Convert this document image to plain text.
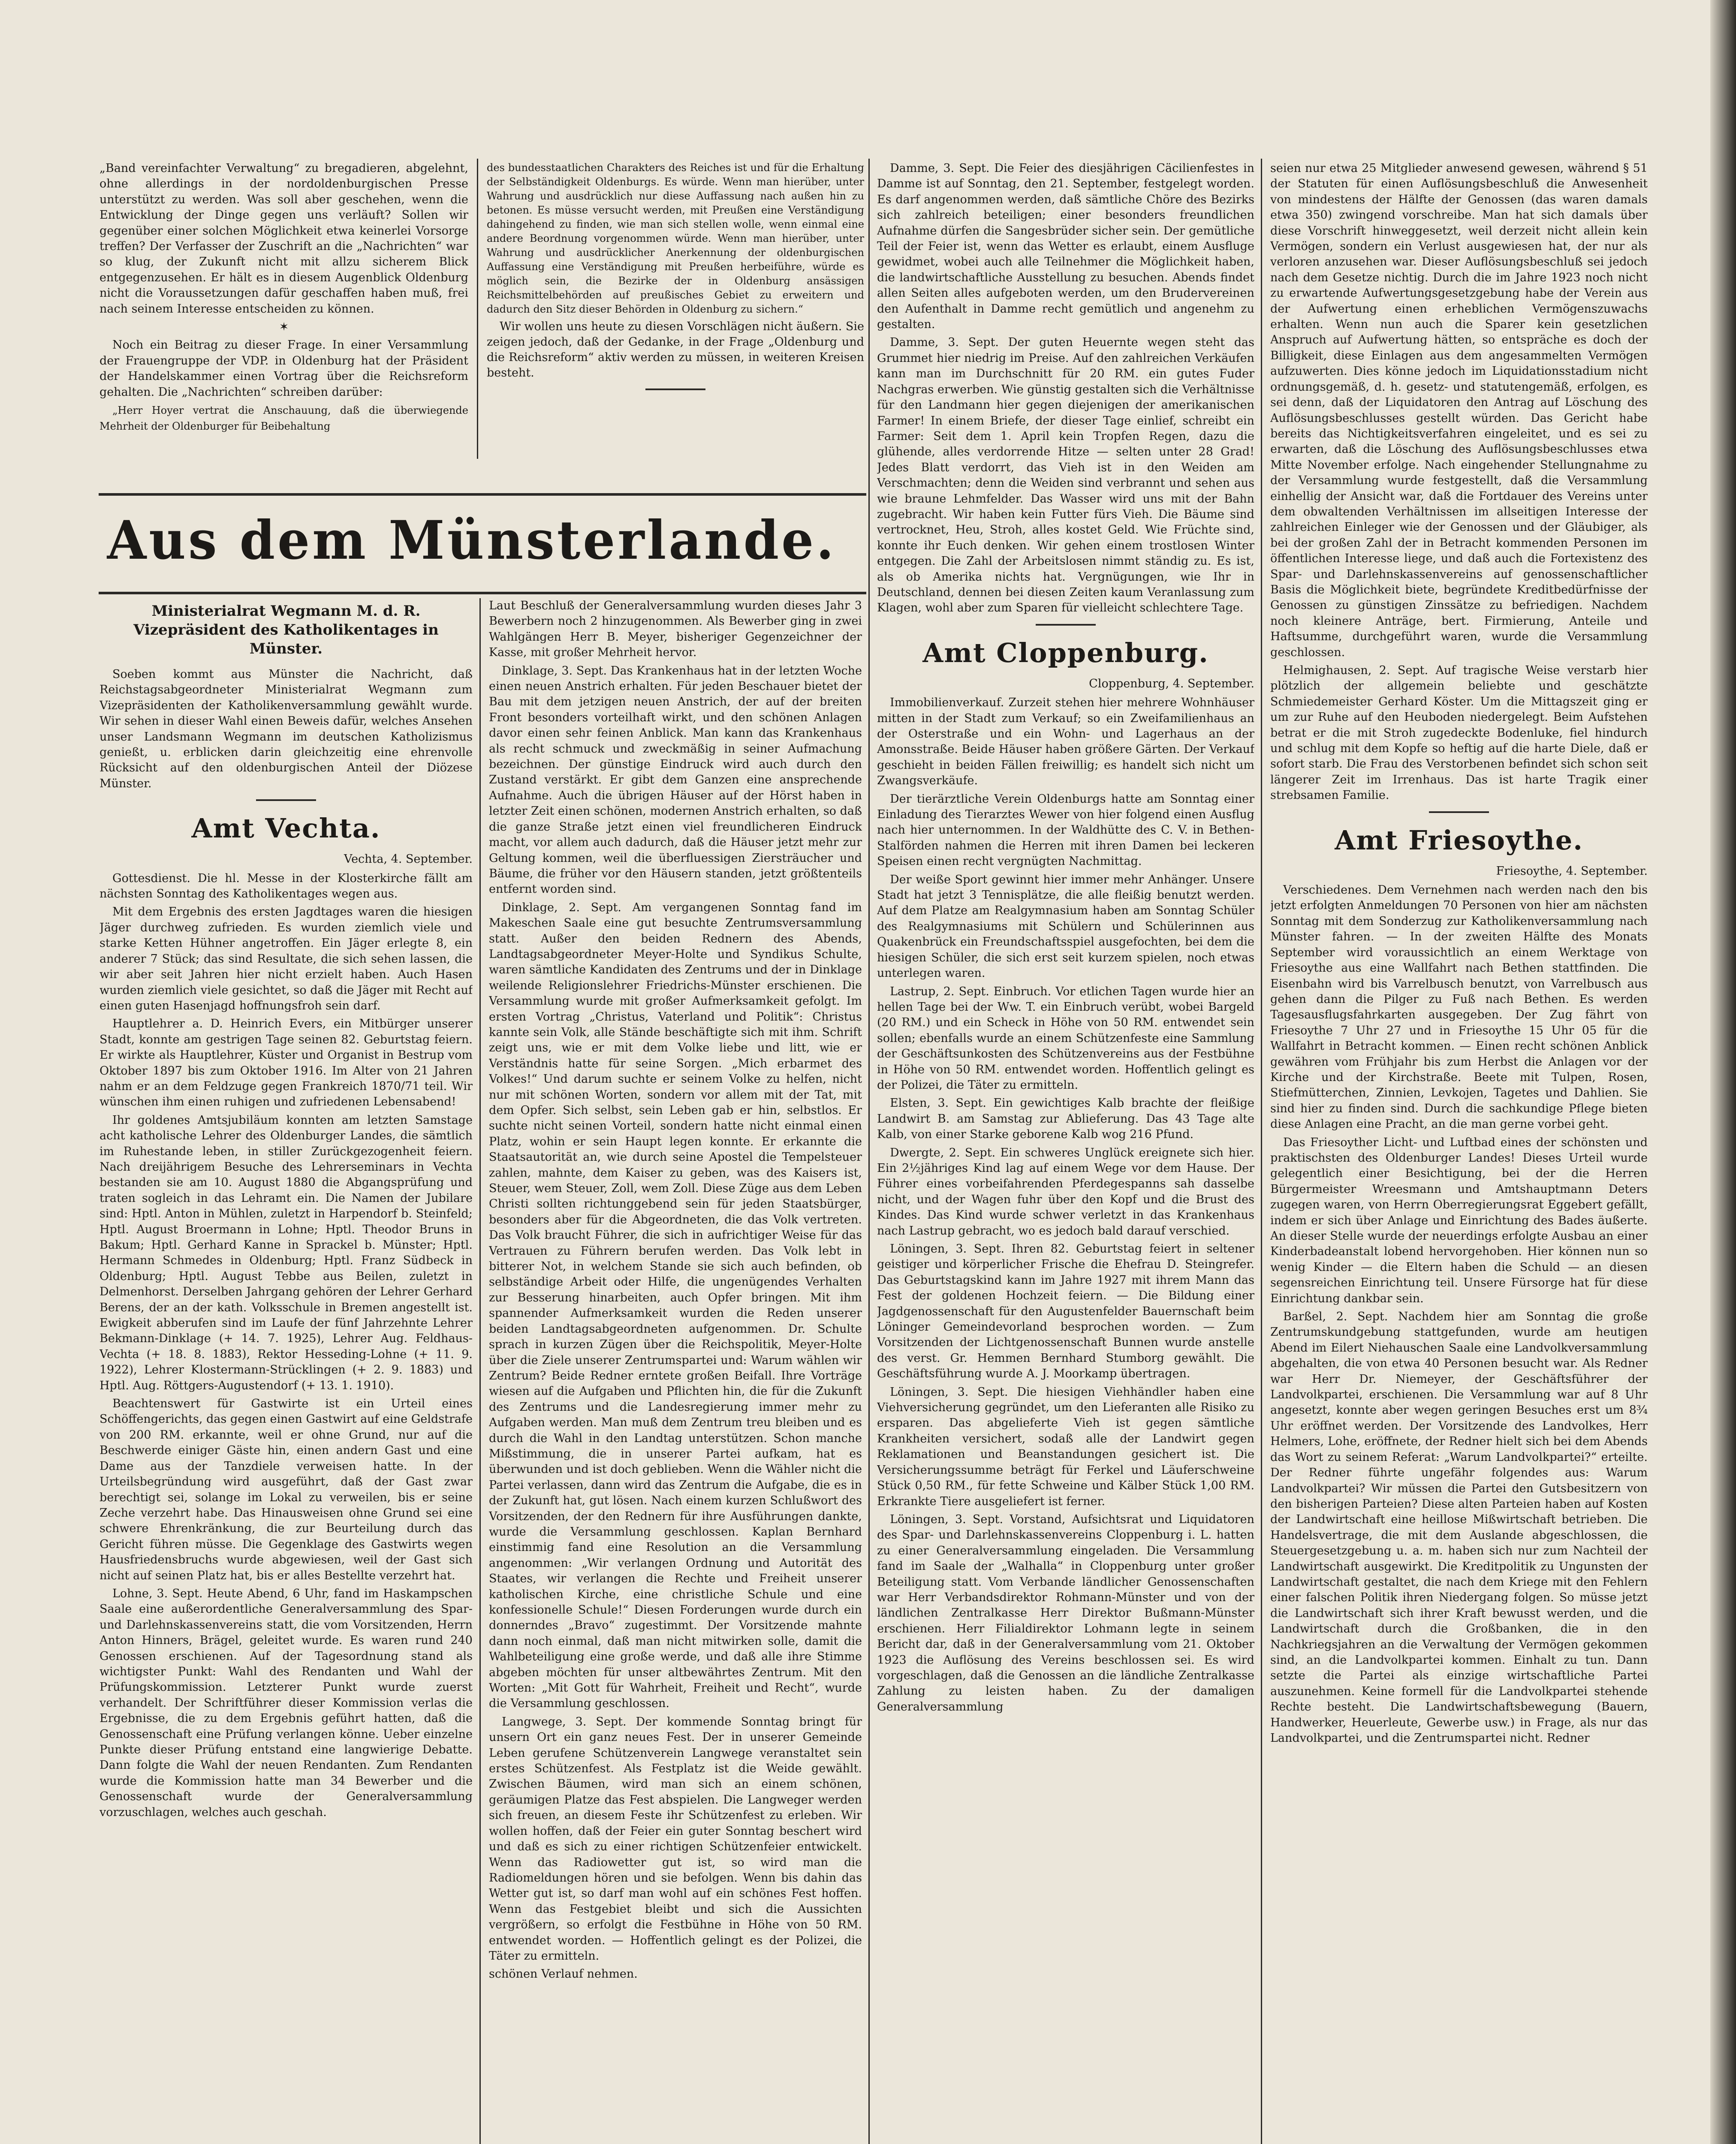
„Band vereinfachter Verwaltung“ zu bregadieren, abgelehnt, ohne allerdings in der nordoldenburgischen Presse unterstützt zu werden. Was soll aber geschehen, wenn die Entwicklung der Dinge gegen uns verläuft? Sollen wir gegenüber einer solchen Möglichkeit etwa keinerlei Vorsorge treffen? Der Verfasser der Zuschrift an die „Nachrichten“ war so klug, der Zukunft nicht mit allzu sicherem Blick entgegenzusehen. Er hält es in diesem Augenblick Oldenburg nicht die Voraussetzungen dafür geschaffen haben muß, frei nach seinem Interesse entscheiden zu können.

✶

Noch ein Beitrag zu dieser Frage. In einer Versammlung der Frauengruppe der VDP. in Oldenburg hat der Präsident der Handelskammer einen Vortrag über die Reichsreform gehalten. Die „Nachrichten“ schreiben darüber:

„Herr Hoyer vertrat die Anschauung, daß die überwiegende Mehrheit der Oldenburger für Beibehaltung

des bundesstaatlichen Charakters des Reiches ist und für die Erhaltung der Selbständigkeit Oldenburgs. Es würde. Wenn man hierüber, unter Wahrung und ausdrücklich nur diese Auffassung nach außen hin zu betonen. Es müsse versucht werden, mit Preußen eine Verständigung dahingehend zu finden, wie man sich stellen wolle, wenn einmal eine andere Beordnung vorgenommen würde. Wenn man hierüber, unter Wahrung und ausdrücklicher Anerkennung der oldenburgischen Auffassung eine Verständigung mit Preußen herbeiführe, würde es möglich sein, die Bezirke der in Oldenburg ansässigen Reichsmittelbehörden auf preußisches Gebiet zu erweitern und dadurch den Sitz dieser Behörden in Oldenburg zu sichern.“

Wir wollen uns heute zu diesen Vorschlägen nicht äußern. Sie zeigen jedoch, daß der Gedanke, in der Frage „Oldenburg und die Reichsreform“ aktiv werden zu müssen, in weiteren Kreisen besteht.

Aus dem Münsterlande.
Ministerialrat Wegmann M. d. R. Vizepräsident des Katholikentages in Münster.

Soeben kommt aus Münster die Nachricht, daß Reichstagsabgeordneter Ministerialrat Wegmann zum Vizepräsidenten der Katholikenversammlung gewählt wurde. Wir sehen in dieser Wahl einen Beweis dafür, welches Ansehen unser Landsmann Wegmann im deutschen Katholizismus genießt, u. erblicken darin gleichzeitig eine ehrenvolle Rücksicht auf den oldenburgischen Anteil der Diözese Münster.

Amt Vechta.
Vechta, 4. September.

Gottesdienst. Die hl. Messe in der Klosterkirche fällt am nächsten Sonntag des Katholikentages wegen aus.

Mit dem Ergebnis des ersten Jagdtages waren die hiesigen Jäger durchweg zufrieden. Es wurden ziemlich viele und starke Ketten Hühner angetroffen. Ein Jäger erlegte 8, ein anderer 7 Stück; das sind Resultate, die sich sehen lassen, die wir aber seit Jahren hier nicht erzielt haben. Auch Hasen wurden ziemlich viele gesichtet, so daß die Jäger mit Recht auf einen guten Hasenjagd hoffnungsfroh sein darf.

Hauptlehrer a. D. Heinrich Evers, ein Mitbürger unserer Stadt, konnte am gestrigen Tage seinen 82. Geburtstag feiern. Er wirkte als Hauptlehrer, Küster und Organist in Bestrup vom Oktober 1897 bis zum Oktober 1916. Im Alter von 21 Jahren nahm er an dem Feldzuge gegen Frankreich 1870/71 teil. Wir wünschen ihm einen ruhigen und zufriedenen Lebensabend!

Ihr goldenes Amtsjubiläum konnten am letzten Samstage acht katholische Lehrer des Oldenburger Landes, die sämtlich im Ruhestande leben, in stiller Zurückgezogenheit feiern. Nach dreijährigem Besuche des Lehrerseminars in Vechta bestanden sie am 10. August 1880 die Abgangsprüfung und traten sogleich in das Lehramt ein. Die Namen der Jubilare sind: Hptl. Anton in Mühlen, zuletzt in Harpendorf b. Steinfeld; Hptl. August Broermann in Lohne; Hptl. Theodor Bruns in Bakum; Hptl. Gerhard Kanne in Sprackel b. Münster; Hptl. Hermann Schmedes in Oldenburg; Hptl. Franz Südbeck in Oldenburg; Hptl. August Tebbe aus Beilen, zuletzt in Delmenhorst. Derselben Jahrgang gehören der Lehrer Gerhard Berens, der an der kath. Volksschule in Bremen angestellt ist. Ewigkeit abberufen sind im Laufe der fünf Jahrzehnte Lehrer Bekmann-Dinklage (+ 14. 7. 1925), Lehrer Aug. Feldhaus-Vechta (+ 18. 8. 1883), Rektor Hesseding-Lohne (+ 11. 9. 1922), Lehrer Klostermann-Strücklingen (+ 2. 9. 1883) und Hptl. Aug. Röttgers-Augustendorf (+ 13. 1. 1910).

Beachtenswert für Gastwirte ist ein Urteil eines Schöffengerichts, das gegen einen Gastwirt auf eine Geldstrafe von 200 RM. erkannte, weil er ohne Grund, nur auf die Beschwerde einiger Gäste hin, einen andern Gast und eine Dame aus der Tanzdiele verweisen hatte. In der Urteilsbegründung wird ausgeführt, daß der Gast zwar berechtigt sei, solange im Lokal zu verweilen, bis er seine Zeche verzehrt habe. Das Hinausweisen ohne Grund sei eine schwere Ehrenkränkung, die zur Beurteilung durch das Gericht führen müsse. Die Gegenklage des Gastwirts wegen Hausfriedensbruchs wurde abgewiesen, weil der Gast sich nicht auf seinen Platz hat, bis er alles Bestellte verzehrt hat.

Lohne, 3. Sept. Heute Abend, 6 Uhr, fand im Haskampschen Saale eine außerordentliche Generalversammlung des Spar- und Darlehnskassenvereins statt, die vom Vorsitzenden, Herrn Anton Hinners, Brägel, geleitet wurde. Es waren rund 240 Genossen erschienen. Auf der Tagesordnung stand als wichtigster Punkt: Wahl des Rendanten und Wahl der Prüfungskommission. Letzterer Punkt wurde zuerst verhandelt. Der Schriftführer dieser Kommission verlas die Ergebnisse, die zu dem Ergebnis geführt hatten, daß die Genossenschaft eine Prüfung verlangen könne. Ueber einzelne Punkte dieser Prüfung entstand eine langwierige Debatte. Dann folgte die Wahl der neuen Rendanten. Zum Rendanten wurde die Kommission hatte man 34 Bewerber und die Genossenschaft wurde der Generalversammlung vorzuschlagen, welches auch geschah.

Laut Beschluß der Generalversammlung wurden dieses Jahr 3 Bewerbern noch 2 hinzugenommen. Als Bewerber ging in zwei Wahlgängen Herr B. Meyer, bisheriger Gegenzeichner der Kasse, mit großer Mehrheit hervor.

Dinklage, 3. Sept. Das Krankenhaus hat in der letzten Woche einen neuen Anstrich erhalten. Für jeden Beschauer bietet der Bau mit dem jetzigen neuen Anstrich, der auf der breiten Front besonders vorteilhaft wirkt, und den schönen Anlagen davor einen sehr feinen Anblick. Man kann das Krankenhaus als recht schmuck und zweckmäßig in seiner Aufmachung bezeichnen. Der günstige Eindruck wird auch durch den Zustand verstärkt. Er gibt dem Ganzen eine ansprechende Aufnahme. Auch die übrigen Häuser auf der Hörst haben in letzter Zeit einen schönen, modernen Anstrich erhalten, so daß die ganze Straße jetzt einen viel freundlicheren Eindruck macht, vor allem auch dadurch, daß die Häuser jetzt mehr zur Geltung kommen, weil die überfluessigen Ziersträucher und Bäume, die früher vor den Häusern standen, jetzt größtenteils entfernt worden sind.

Dinklage, 2. Sept. Am vergangenen Sonntag fand im Makeschen Saale eine gut besuchte Zentrumsversammlung statt. Außer den beiden Rednern des Abends, Landtagsabgeordneter Meyer-Holte und Syndikus Schulte, waren sämtliche Kandidaten des Zentrums und der in Dinklage weilende Religionslehrer Friedrichs-Münster erschienen. Die Versammlung wurde mit großer Aufmerksamkeit gefolgt. Im ersten Vortrag „Christus, Vaterland und Politik“: Christus kannte sein Volk, alle Stände beschäftigte sich mit ihm. Schrift zeigt uns, wie er mit dem Volke liebe und litt, wie er Verständnis hatte für seine Sorgen. „Mich erbarmet des Volkes!“ Und darum suchte er seinem Volke zu helfen, nicht nur mit schönen Worten, sondern vor allem mit der Tat, mit dem Opfer. Sich selbst, sein Leben gab er hin, selbstlos. Er suchte nicht seinen Vorteil, sondern hatte nicht einmal einen Platz, wohin er sein Haupt legen konnte. Er erkannte die Staatsautorität an, wie durch seine Apostel die Tempelsteuer zahlen, mahnte, dem Kaiser zu geben, was des Kaisers ist, Steuer, wem Steuer, Zoll, wem Zoll. Diese Züge aus dem Leben Christi sollten richtunggebend sein für jeden Staatsbürger, besonders aber für die Abgeordneten, die das Volk vertreten. Das Volk braucht Führer, die sich in aufrichtiger Weise für das Vertrauen zu Führern berufen werden. Das Volk lebt in bitterer Not, in welchem Stande sie sich auch befinden, ob selbständige Arbeit oder Hilfe, die ungenügendes Verhalten zur Besserung hinarbeiten, auch Opfer bringen. Mit ihm spannender Aufmerksamkeit wurden die Reden unserer beiden Landtagsabgeordneten aufgenommen. Dr. Schulte sprach in kurzen Zügen über die Reichspolitik, Meyer-Holte über die Ziele unserer Zentrumspartei und: Warum wählen wir Zentrum? Beide Redner erntete großen Beifall. Ihre Vorträge wiesen auf die Aufgaben und Pflichten hin, die für die Zukunft des Zentrums und die Landesregierung immer mehr zu Aufgaben werden. Man muß dem Zentrum treu bleiben und es durch die Wahl in den Landtag unterstützen. Schon manche Mißstimmung, die in unserer Partei aufkam, hat es überwunden und ist doch geblieben. Wenn die Wähler nicht die Partei verlassen, dann wird das Zentrum die Aufgabe, die es in der Zukunft hat, gut lösen. Nach einem kurzen Schlußwort des Vorsitzenden, der den Rednern für ihre Ausführungen dankte, wurde die Versammlung geschlossen. Kaplan Bernhard einstimmig fand eine Resolution an die Versammlung angenommen: „Wir verlangen Ordnung und Autorität des Staates, wir verlangen die Rechte und Freiheit unserer katholischen Kirche, eine christliche Schule und eine konfessionelle Schule!“ Diesen Forderungen wurde durch ein donnerndes „Bravo“ zugestimmt. Der Vorsitzende mahnte dann noch einmal, daß man nicht mitwirken solle, damit die Wahlbeteiligung eine große werde, und daß alle ihre Stimme abgeben möchten für unser altbewährtes Zentrum. Mit den Worten: „Mit Gott für Wahrheit, Freiheit und Recht“, wurde die Versammlung geschlossen.

Langwege, 3. Sept. Der kommende Sonntag bringt für unsern Ort ein ganz neues Fest. Der in unserer Gemeinde Leben gerufene Schützenverein Langwege veranstaltet sein erstes Schützenfest. Als Festplatz ist die Weide gewählt. Zwischen Bäumen, wird man sich an einem schönen, geräumigen Platze das Fest abspielen. Die Langweger werden sich freuen, an diesem Feste ihr Schützenfest zu erleben. Wir wollen hoffen, daß der Feier ein guter Sonntag beschert wird und daß es sich zu einer richtigen Schützenfeier entwickelt. Wenn das Radiowetter gut ist, so wird man die Radiomeldungen hören und sie befolgen. Wenn bis dahin das Wetter gut ist, so darf man wohl auf ein schönes Fest hoffen. Wenn das Festgebiet bleibt und sich die Aussichten vergrößern, so erfolgt die Festbühne in Höhe von 50 RM. entwendet worden. — Hoffentlich gelingt es der Polizei, die Täter zu ermitteln.

schönen Verlauf nehmen.

Damme, 3. Sept. Die Feier des diesjährigen Cäcilienfestes in Damme ist auf Sonntag, den 21. September, festgelegt worden. Es darf angenommen werden, daß sämtliche Chöre des Bezirks sich zahlreich beteiligen; einer besonders freundlichen Aufnahme dürfen die Sangesbrüder sicher sein. Der gemütliche Teil der Feier ist, wenn das Wetter es erlaubt, einem Ausfluge gewidmet, wobei auch alle Teilnehmer die Möglichkeit haben, die landwirtschaftliche Ausstellung zu besuchen. Abends findet allen Seiten alles aufgeboten werden, um den Brudervereinen den Aufenthalt in Damme recht gemütlich und angenehm zu gestalten.

Damme, 3. Sept. Der guten Heuernte wegen steht das Grummet hier niedrig im Preise. Auf den zahlreichen Verkäufen kann man im Durchschnitt für 20 RM. ein gutes Fuder Nachgras erwerben. Wie günstig gestalten sich die Verhältnisse für den Landmann hier gegen diejenigen der amerikanischen Farmer! In einem Briefe, der dieser Tage einlief, schreibt ein Farmer: Seit dem 1. April kein Tropfen Regen, dazu die glühende, alles verdorrende Hitze — selten unter 28 Grad! Jedes Blatt verdorrt, das Vieh ist in den Weiden am Verschmachten; denn die Weiden sind verbrannt und sehen aus wie braune Lehmfelder. Das Wasser wird uns mit der Bahn zugebracht. Wir haben kein Futter fürs Vieh. Die Bäume sind vertrocknet, Heu, Stroh, alles kostet Geld. Wie Früchte sind, konnte ihr Euch denken. Wir gehen einem trostlosen Winter entgegen. Die Zahl der Arbeitslosen nimmt ständig zu. Es ist, als ob Amerika nichts hat. Vergnügungen, wie Ihr in Deutschland, dennen bei diesen Zeiten kaum Veranlassung zum Klagen, wohl aber zum Sparen für vielleicht schlechtere Tage.

Amt Cloppenburg.
Cloppenburg, 4. September.

Immobilienverkauf. Zurzeit stehen hier mehrere Wohnhäuser mitten in der Stadt zum Verkauf; so ein Zweifamilienhaus an der Osterstraße und ein Wohn- und Lagerhaus an der Amonsstraße. Beide Häuser haben größere Gärten. Der Verkauf geschieht in beiden Fällen freiwillig; es handelt sich nicht um Zwangsverkäufe.

Der tierärztliche Verein Oldenburgs hatte am Sonntag einer Einladung des Tierarztes Wewer von hier folgend einen Ausflug nach hier unternommen. In der Waldhütte des C. V. in Bethen-Stalförden nahmen die Herren mit ihren Damen bei leckeren Speisen einen recht vergnügten Nachmittag.

Der weiße Sport gewinnt hier immer mehr Anhänger. Unsere Stadt hat jetzt 3 Tennisplätze, die alle fleißig benutzt werden. Auf dem Platze am Realgymnasium haben am Sonntag Schüler des Realgymnasiums mit Schülern und Schülerinnen aus Quakenbrück ein Freundschaftsspiel ausgefochten, bei dem die hiesigen Schüler, die sich erst seit kurzem spielen, noch etwas unterlegen waren.

Lastrup, 2. Sept. Einbruch. Vor etlichen Tagen wurde hier an hellen Tage bei der Ww. T. ein Einbruch verübt, wobei Bargeld (20 RM.) und ein Scheck in Höhe von 50 RM. entwendet sein sollen; ebenfalls wurde an einem Schützenfeste eine Sammlung der Geschäftsunkosten des Schützenvereins aus der Festbühne in Höhe von 50 RM. entwendet worden. Hoffentlich gelingt es der Polizei, die Täter zu ermitteln.

Elsten, 3. Sept. Ein gewichtiges Kalb brachte der fleißige Landwirt B. am Samstag zur Ablieferung. Das 43 Tage alte Kalb, von einer Starke geborene Kalb wog 216 Pfund.

Dwergte, 2. Sept. Ein schweres Unglück ereignete sich hier. Ein 2½jähriges Kind lag auf einem Wege vor dem Hause. Der Führer eines vorbeifahrenden Pferdegespanns sah dasselbe nicht, und der Wagen fuhr über den Kopf und die Brust des Kindes. Das Kind wurde schwer verletzt in das Krankenhaus nach Lastrup gebracht, wo es jedoch bald darauf verschied.

Löningen, 3. Sept. Ihren 82. Geburtstag feiert in seltener geistiger und körperlicher Frische die Ehefrau D. Steingrefer. Das Geburtstagskind kann im Jahre 1927 mit ihrem Mann das Fest der goldenen Hochzeit feiern. — Die Bildung einer Jagdgenossenschaft für den Augustenfelder Bauernschaft beim Löninger Gemeindevorland besprochen worden. — Zum Vorsitzenden der Lichtgenossenschaft Bunnen wurde anstelle des verst. Gr. Hemmen Bernhard Stumborg gewählt. Die Geschäftsführung wurde A. J. Moorkamp übertragen.

Löningen, 3. Sept. Die hiesigen Viehhändler haben eine Viehversicherung gegründet, um den Lieferanten alle Risiko zu ersparen. Das abgelieferte Vieh ist gegen sämtliche Krankheiten versichert, sodaß alle der Landwirt gegen Reklamationen und Beanstandungen gesichert ist. Die Versicherungssumme beträgt für Ferkel und Läuferschweine Stück 0,50 RM., für fette Schweine und Kälber Stück 1,00 RM. Erkrankte Tiere ausgeliefert ist ferner.

Löningen, 3. Sept. Vorstand, Aufsichtsrat und Liquidatoren des Spar- und Darlehnskassenvereins Cloppenburg i. L. hatten zu einer Generalversammlung eingeladen. Die Versammlung fand im Saale der „Walhalla“ in Cloppenburg unter großer Beteiligung statt. Vom Verbande ländlicher Genossenschaften war Herr Verbandsdirektor Rohmann-Münster und von der ländlichen Zentralkasse Herr Direktor Bußmann-Münster erschienen. Herr Filialdirektor Lohmann legte in seinem Bericht dar, daß in der Generalversammlung vom 21. Oktober 1923 die Auflösung des Vereins beschlossen sei. Es wird vorgeschlagen, daß die Genossen an die ländliche Zentralkasse Zahlung zu leisten haben. Zu der damaligen Generalversammlung

seien nur etwa 25 Mitglieder anwesend gewesen, während § 51 der Statuten für einen Auflösungsbeschluß die Anwesenheit von mindestens der Hälfte der Genossen (das waren damals etwa 350) zwingend vorschreibe. Man hat sich damals über diese Vorschrift hinweggesetzt, weil derzeit nicht allein kein Vermögen, sondern ein Verlust ausgewiesen hat, der nur als verloren anzusehen war. Dieser Auflösungsbeschluß sei jedoch nach dem Gesetze nichtig. Durch die im Jahre 1923 noch nicht zu erwartende Aufwertungsgesetzgebung habe der Verein aus der Aufwertung einen erheblichen Vermögenszuwachs erhalten. Wenn nun auch die Sparer kein gesetzlichen Anspruch auf Aufwertung hätten, so entspräche es doch der Billigkeit, diese Einlagen aus dem angesammelten Vermögen aufzuwerten. Dies könne jedoch im Liquidationsstadium nicht ordnungsgemäß, d. h. gesetz- und statutengemäß, erfolgen, es sei denn, daß der Liquidatoren den Antrag auf Löschung des Auflösungsbeschlusses gestellt würden. Das Gericht habe bereits das Nichtigkeitsverfahren eingeleitet, und es sei zu erwarten, daß die Löschung des Auflösungsbeschlusses etwa Mitte November erfolge. Nach eingehender Stellungnahme zu der Versammlung wurde festgestellt, daß die Versammlung einhellig der Ansicht war, daß die Fortdauer des Vereins unter dem obwaltenden Verhältnissen im allseitigen Interesse der zahlreichen Einleger wie der Genossen und der Gläubiger, als bei der großen Zahl der in Betracht kommenden Personen im öffentlichen Interesse liege, und daß auch die Fortexistenz des Spar- und Darlehnskassenvereins auf genossenschaftlicher Basis die Möglichkeit biete, begründete Kreditbedürfnisse der Genossen zu günstigen Zinssätze zu befriedigen. Nachdem noch kleinere Anträge, bert. Firmierung, Anteile und Haftsumme, durchgeführt waren, wurde die Versammlung geschlossen.

Helmighausen, 2. Sept. Auf tragische Weise verstarb hier plötzlich der allgemein beliebte und geschätzte Schmiedemeister Gerhard Köster. Um die Mittagszeit ging er um zur Ruhe auf den Heuboden niedergelegt. Beim Aufstehen betrat er die mit Stroh zugedeckte Bodenluke, fiel hindurch und schlug mit dem Kopfe so heftig auf die harte Diele, daß er sofort starb. Die Frau des Verstorbenen befindet sich schon seit längerer Zeit im Irrenhaus. Das ist harte Tragik einer strebsamen Familie.

Amt Friesoythe.
Friesoythe, 4. September.

Verschiedenes. Dem Vernehmen nach werden nach den bis jetzt erfolgten Anmeldungen 70 Personen von hier am nächsten Sonntag mit dem Sonderzug zur Katholikenversammlung nach Münster fahren. — In der zweiten Hälfte des Monats September wird voraussichtlich an einem Werktage von Friesoythe aus eine Wallfahrt nach Bethen stattfinden. Die Eisenbahn wird bis Varrelbusch benutzt, von Varrelbusch aus gehen dann die Pilger zu Fuß nach Bethen. Es werden Tagesausflugsfahrkarten ausgegeben. Der Zug fährt von Friesoythe 7 Uhr 27 und in Friesoythe 15 Uhr 05 für die Wallfahrt in Betracht kommen. — Einen recht schönen Anblick gewähren vom Frühjahr bis zum Herbst die Anlagen vor der Kirche und der Kirchstraße. Beete mit Tulpen, Rosen, Stiefmütterchen, Zinnien, Levkojen, Tagetes und Dahlien. Sie sind hier zu finden sind. Durch die sachkundige Pflege bieten diese Anlagen eine Pracht, an die man gerne vorbei geht.

Das Friesoyther Licht- und Luftbad eines der schönsten und praktischsten des Oldenburger Landes! Dieses Urteil wurde gelegentlich einer Besichtigung, bei der die Herren Bürgermeister Wreesmann und Amtshauptmann Deters zugegen waren, von Herrn Oberregierungsrat Eggebert gefällt, indem er sich über Anlage und Einrichtung des Bades äußerte. An dieser Stelle wurde der neuerdings erfolgte Ausbau an einer Kinderbadeanstalt lobend hervorgehoben. Hier können nun so wenig Kinder — die Eltern haben die Schuld — an diesen segensreichen Einrichtung teil. Unsere Fürsorge hat für diese Einrichtung dankbar sein.

Barßel, 2. Sept. Nachdem hier am Sonntag die große Zentrumskundgebung stattgefunden, wurde am heutigen Abend im Eilert Niehauschen Saale eine Landvolkversammlung abgehalten, die von etwa 40 Personen besucht war. Als Redner war Herr Dr. Niemeyer, der Geschäftsführer der Landvolkpartei, erschienen. Die Versammlung war auf 8 Uhr angesetzt, konnte aber wegen geringen Besuches erst um 8¾ Uhr eröffnet werden. Der Vorsitzende des Landvolkes, Herr Helmers, Lohe, eröffnete, der Redner hielt sich bei dem Abends das Wort zu seinem Referat: „Warum Landvolkpartei?“ erteilte. Der Redner führte ungefähr folgendes aus: Warum Landvolkpartei? Wir müssen die Partei den Gutsbesitzern von den bisherigen Parteien? Diese alten Parteien haben auf Kosten der Landwirtschaft eine heillose Mißwirtschaft betrieben. Die Handelsvertrage, die mit dem Auslande abgeschlossen, die Steuergesetzgebung u. a. m. haben sich nur zum Nachteil der Landwirtschaft ausgewirkt. Die Kreditpolitik zu Ungunsten der Landwirtschaft gestaltet, die nach dem Kriege mit den Fehlern einer falschen Politik ihren Niedergang folgen. So müsse jetzt die Landwirtschaft sich ihrer Kraft bewusst werden, und die Landwirtschaft durch die Großbanken, die in den Nachkriegsjahren an die Verwaltung der Vermögen gekommen sind, an die Landvolkpartei kommen. Einhalt zu tun. Dann setzte die Partei als einzige wirtschaftliche Partei auszunehmen. Keine formell für die Landvolkpartei stehende Rechte besteht. Die Landwirtschaftsbewegung (Bauern, Handwerker, Heuerleute, Gewerbe usw.) in Frage, als nur das Landvolkpartei, und die Zentrumspartei nicht. Redner
